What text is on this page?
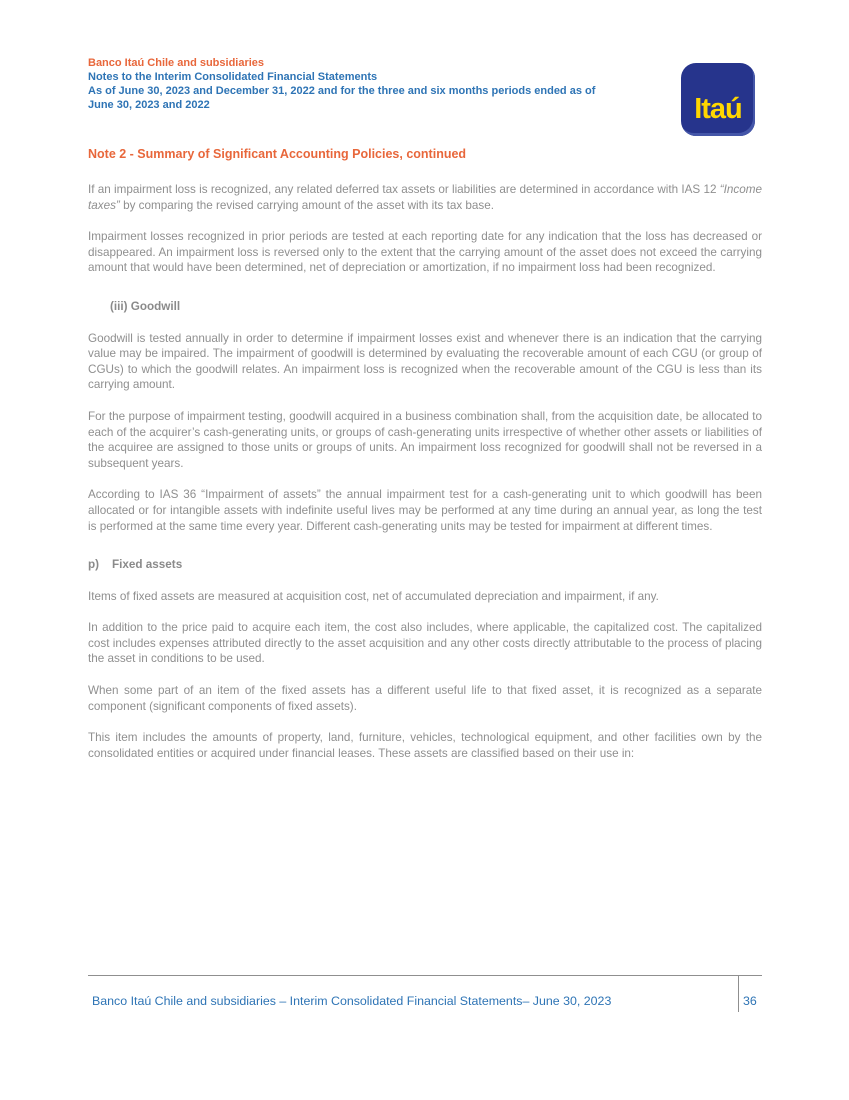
Banco Itaú Chile and subsidiaries
Notes to the Interim Consolidated Financial Statements
As of June 30, 2023 and December 31, 2022 and for the three and six months periods ended as of
June 30, 2023 and 2022	Itaú
Note 2 - Summary of Significant Accounting Policies, continued

If an impairment loss is recognized, any related deferred tax assets or liabilities are determined in accordance with IAS 12 “Income taxes” by comparing the revised carrying amount of the asset with its tax base.

Impairment losses recognized in prior periods are tested at each reporting date for any indication that the loss has decreased or disappeared. An impairment loss is reversed only to the extent that the carrying amount of the asset does not exceed the carrying amount that would have been determined, net of depreciation or amortization, if no impairment loss had been recognized.

(iii) Goodwill

Goodwill is tested annually in order to determine if impairment losses exist and whenever there is an indication that the carrying value may be impaired. The impairment of goodwill is determined by evaluating the recoverable amount of each CGU (or group of CGUs) to which the goodwill relates. An impairment loss is recognized when the recoverable amount of the CGU is less than its carrying amount.

For the purpose of impairment testing, goodwill acquired in a business combination shall, from the acquisition date, be allocated to each of the acquirer’s cash-generating units, or groups of cash-generating units irrespective of whether other assets or liabilities of the acquiree are assigned to those units or groups of units. An impairment loss recognized for goodwill shall not be reversed in a subsequent years.

According to IAS 36 “Impairment of assets” the annual impairment test for a cash-generating unit to which goodwill has been allocated or for intangible assets with indefinite useful lives may be performed at any time during an annual year, as long the test is performed at the same time every year. Different cash-generating units may be tested for impairment at different times.

p) Fixed assets

Items of fixed assets are measured at acquisition cost, net of accumulated depreciation and impairment, if any.

In addition to the price paid to acquire each item, the cost also includes, where applicable, the capitalized cost. The capitalized cost includes expenses attributed directly to the asset acquisition and any other costs directly attributable to the process of placing the asset in conditions to be used.

When some part of an item of the fixed assets has a different useful life to that fixed asset, it is recognized as a separate component (significant components of fixed assets).

This item includes the amounts of property, land, furniture, vehicles, technological equipment, and other facilities own by the consolidated entities or acquired under financial leases. These assets are classified based on their use in:

Banco Itaú Chile and subsidiaries – Interim Consolidated Financial Statements– June 30, 2023	36
